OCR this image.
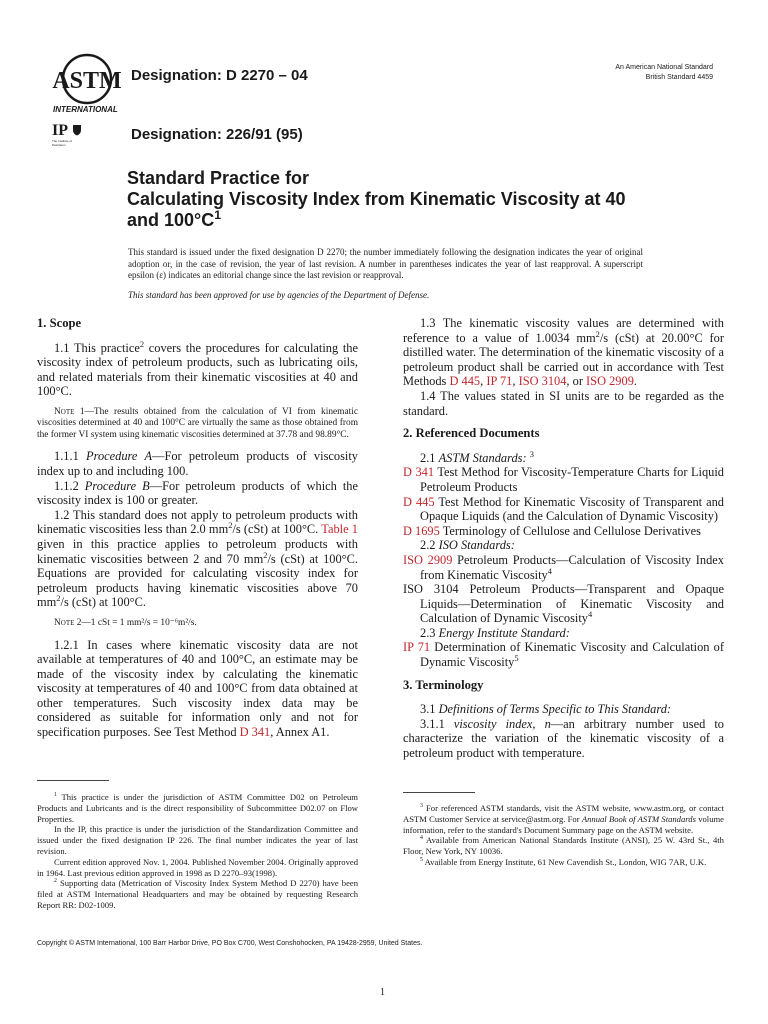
ASTM
INTERNATIONAL
IP
The Institute of Petroleum
Designation: D 2270 – 04
Designation: 226/91 (95)
An American National Standard
British Standard 4459
Standard Practice for
Calculating Viscosity Index from Kinematic Viscosity at 40
and $100^\circ C^1$
This standard is issued under the fixed designation D 2270; the number immediately following the designation indicates the year of original adoption or, in the case of revision, the year of last revision. A number in parentheses indicates the year of last reapproval. A superscript epsilon (ε) indicates an editorial change since the last revision or reapproval.
This standard has been approved for use by agencies of the Department of Defense.
1. Scope

1.1 This practice$^2$ covers the procedures for calculating the viscosity index of petroleum products, such as lubricating oils, and related materials from their kinematic viscosities at 40 and 100°C.

Note 1—The results obtained from the calculation of VI from kinematic viscosities determined at 40 and 100°C are virtually the same as those obtained from the former VI system using kinematic viscosities determined at 37.78 and 98.89°C.

1.1.1 Procedure A—For petroleum products of viscosity index up to and including 100.

1.1.2 Procedure B—For petroleum products of which the viscosity index is 100 or greater.

1.2 This standard does not apply to petroleum products with kinematic viscosities less than 2.0 $mm^2/s$ (cSt) at 100°C. Table 1 given in this practice applies to petroleum products with kinematic viscosities between 2 and 70 $mm^2/s$ (cSt) at 100°C. Equations are provided for calculating viscosity index for petroleum products having kinematic viscosities above 70 $mm^2/s$ (cSt) at 100°C.

Note 2—1 cSt = 1 mm²/s = 10⁻⁶m²/s.

1.2.1 In cases where kinematic viscosity data are not available at temperatures of 40 and 100°C, an estimate may be made of the viscosity index by calculating the kinematic viscosity at temperatures of 40 and 100°C from data obtained at other temperatures. Such viscosity index data may be considered as suitable for information only and not for specification purposes. See Test Method D 341, Annex A1.

1.3 The kinematic viscosity values are determined with reference to a value of 1.0034 $mm^2/s$ (cSt) at 20.00°C for distilled water. The determination of the kinematic viscosity of a petroleum product shall be carried out in accordance with Test Methods D 445, IP 71, ISO 3104, or ISO 2909.

1.4 The values stated in SI units are to be regarded as the standard.

2. Referenced Documents

2.1 ASTM Standards: $^3$

D 341 Test Method for Viscosity-Temperature Charts for Liquid Petroleum Products

D 445 Test Method for Kinematic Viscosity of Transparent and Opaque Liquids (and the Calculation of Dynamic Viscosity)

D 1695 Terminology of Cellulose and Cellulose Derivatives

2.2 ISO Standards:

ISO 2909 Petroleum Products—Calculation of Viscosity Index from Kinematic Viscosity$^4$

ISO 3104 Petroleum Products—Transparent and Opaque Liquids—Determination of Kinematic Viscosity and Calculation of Dynamic Viscosity$^4$

2.3 Energy Institute Standard:

IP 71 Determination of Kinematic Viscosity and Calculation of Dynamic Viscosity$^5$

3. Terminology

3.1 Definitions of Terms Specific to This Standard:

3.1.1 viscosity index, n—an arbitrary number used to characterize the variation of the kinematic viscosity of a petroleum product with temperature.

$^1$ This practice is under the jurisdiction of ASTM Committee D02 on Petroleum Products and Lubricants and is the direct responsibility of Subcommittee D02.07 on Flow Properties.

In the IP, this practice is under the jurisdiction of the Standardization Committee and issued under the fixed designation IP 226. The final number indicates the year of last revision.

Current edition approved Nov. 1, 2004. Published November 2004. Originally approved in 1964. Last previous edition approved in 1998 as D 2270–93(1998).

$^2$ Supporting data (Metrication of Viscosity Index System Method D 2270) have been filed at ASTM International Headquarters and may be obtained by requesting Research Report RR: D02-1009.

$^3$ For referenced ASTM standards, visit the ASTM website, www.astm.org, or contact ASTM Customer Service at service@astm.org. For Annual Book of ASTM Standards volume information, refer to the standard's Document Summary page on the ASTM website.

$^4$ Available from American National Standards Institute (ANSI), 25 W. 43rd St., 4th Floor, New York, NY 10036.

$^5$ Available from Energy Institute, 61 New Cavendish St., London, WIG 7AR, U.K.

Copyright © ASTM International, 100 Barr Harbor Drive, PO Box C700, West Conshohocken, PA 19428-2959, United States.
1
